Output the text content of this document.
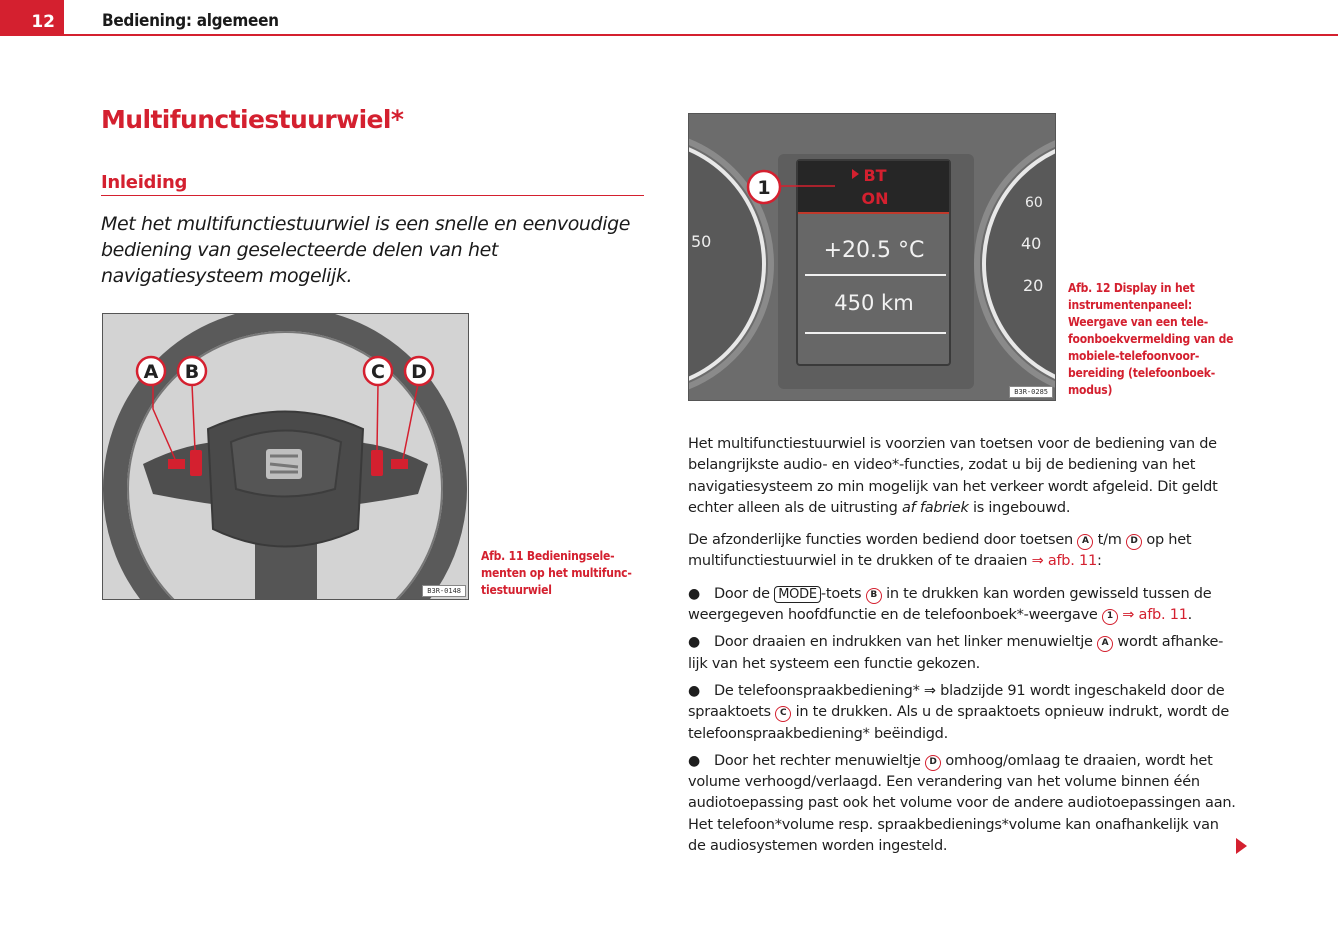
12	Bediening: algemeen
Multifunctiestuurwiel*
Inleiding
Met het multifunctiestuurwiel is een snelle en eenvoudige bediening van geselecteerde delen van het navigatiesysteem mogelijk.
A B	C D
B3R-0148
Afb. 11 Bedieningsele-menten op het multifunc-tiestuurwiel
50
60
40
20
BT
ON
+20.5 °C
450 km
1
B3R-0285
Afb. 12 Display in het instrumentenpaneel: Weergave van een tele-foonboekvermelding van de mobiele-telefoonvoor-bereiding (telefoonboek-modus)

Het multifunctiestuurwiel is voorzien van toetsen voor de bediening van de belangrijkste audio- en video*-functies, zodat u bij de bediening van het navigatiesysteem zo min mogelijk van het verkeer wordt afgeleid. Dit geldt echter alleen als de uitrusting af fabriek is ingebouwd.

De afzonderlijke functies worden bediend door toetsen A t/m D op het multifunctiestuurwiel in te drukken of te draaien ⇒ afb. 11:

● Door de MODE -toets B in te drukken kan worden gewisseld tussen de weergegeven hoofdfunctie en de telefoonboek*-weergave 1 ⇒ afb. 11.

● Door draaien en indrukken van het linker menuwieltje A wordt afhanke-lijk van het systeem een functie gekozen.

● De telefoonspraakbediening* ⇒ bladzijde 91 wordt ingeschakeld door de spraaktoets C in te drukken. Als u de spraaktoets opnieuw indrukt, wordt de telefoonspraakbediening* beëindigd.

● Door het rechter menuwieltje D omhoog/omlaag te draaien, wordt het volume verhoogd/verlaagd. Een verandering van het volume binnen één audiotoepassing past ook het volume voor de andere audiotoepassingen aan. Het telefoon*volume resp. spraakbedienings*volume kan onafhankelijk van de audiosystemen worden ingesteld.
